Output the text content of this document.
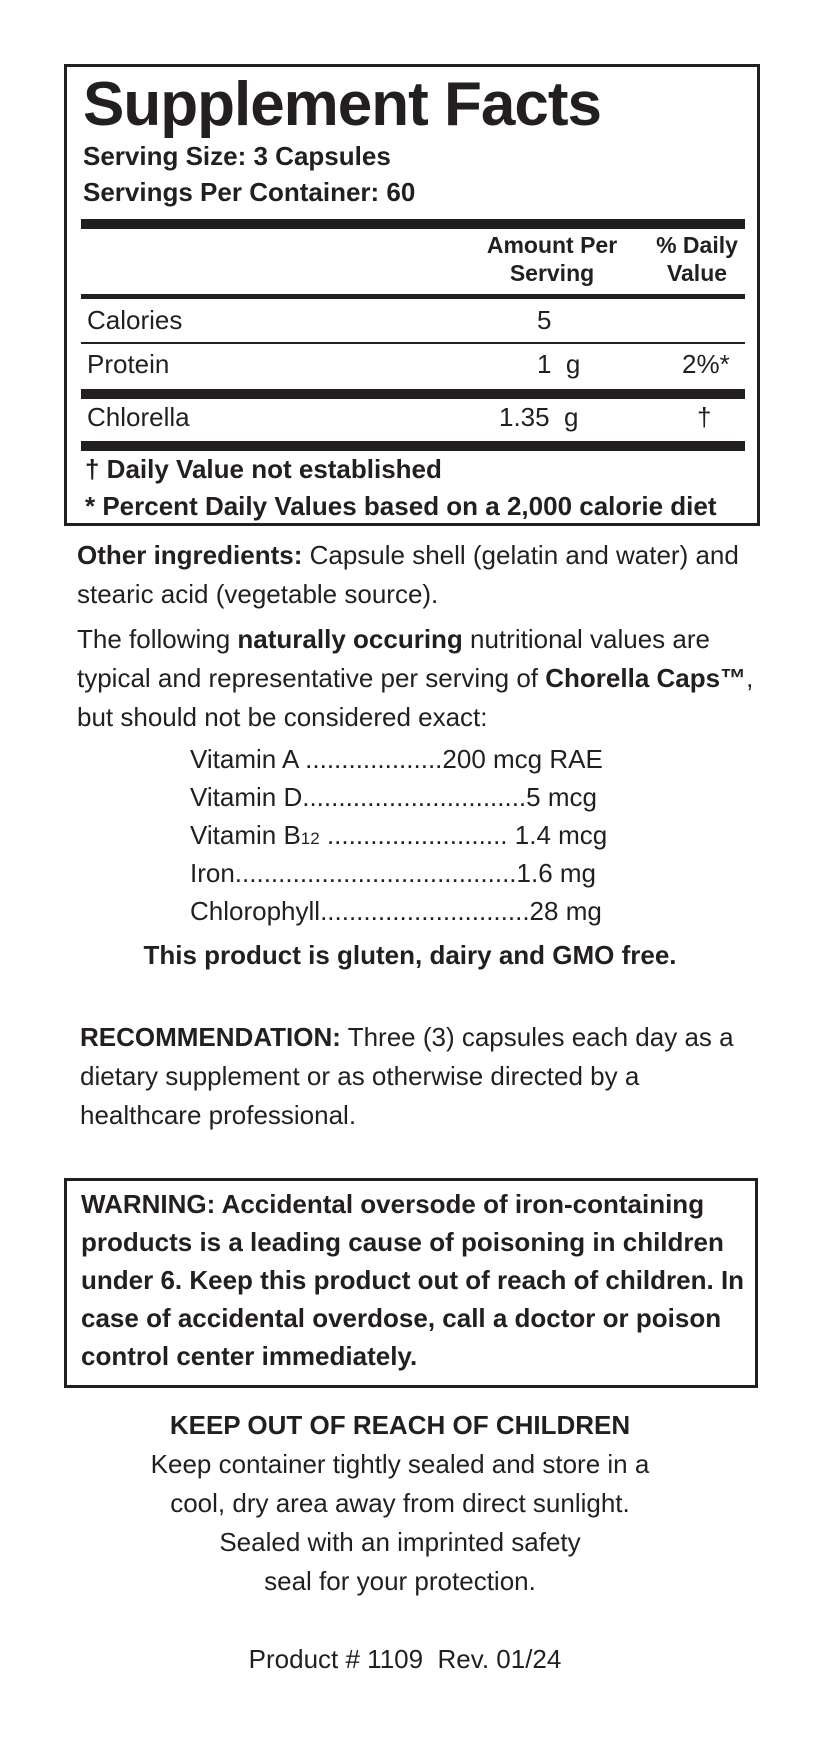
Supplement Facts
Serving Size: 3 Capsules
Servings Per Container: 60
Amount Per
Serving
% Daily
Value
Calories	5
Protein	1  g	2%*
Chlorella	1.35  g	†
† Daily Value not established
* Percent Daily Values based on a 2,000 calorie diet
Other ingredients: Capsule shell (gelatin and water) and
stearic acid (vegetable source).
The following naturally occuring nutritional values are
typical and representative per serving of Chorella Caps™,
but should not be considered exact:
Vitamin A ...................200 mcg RAE
Vitamin D...............................5 mcg
Vitamin B12 ......................... 1.4 mcg
Iron.......................................1.6 mg
Chlorophyll.............................28 mg
This product is gluten, dairy and GMO free.
RECOMMENDATION: Three (3) capsules each day as a
dietary supplement or as otherwise directed by a
healthcare professional.
WARNING: Accidental oversode of iron-containing
products is a leading cause of poisoning in children
under 6. Keep this product out of reach of children. In
case of accidental overdose, call a doctor or poison
control center immediately.
KEEP OUT OF REACH OF CHILDREN
Keep container tightly sealed and store in a
cool, dry area away from direct sunlight.
Sealed with an imprinted safety
seal for your protection.
Product # 1109  Rev. 01/24
